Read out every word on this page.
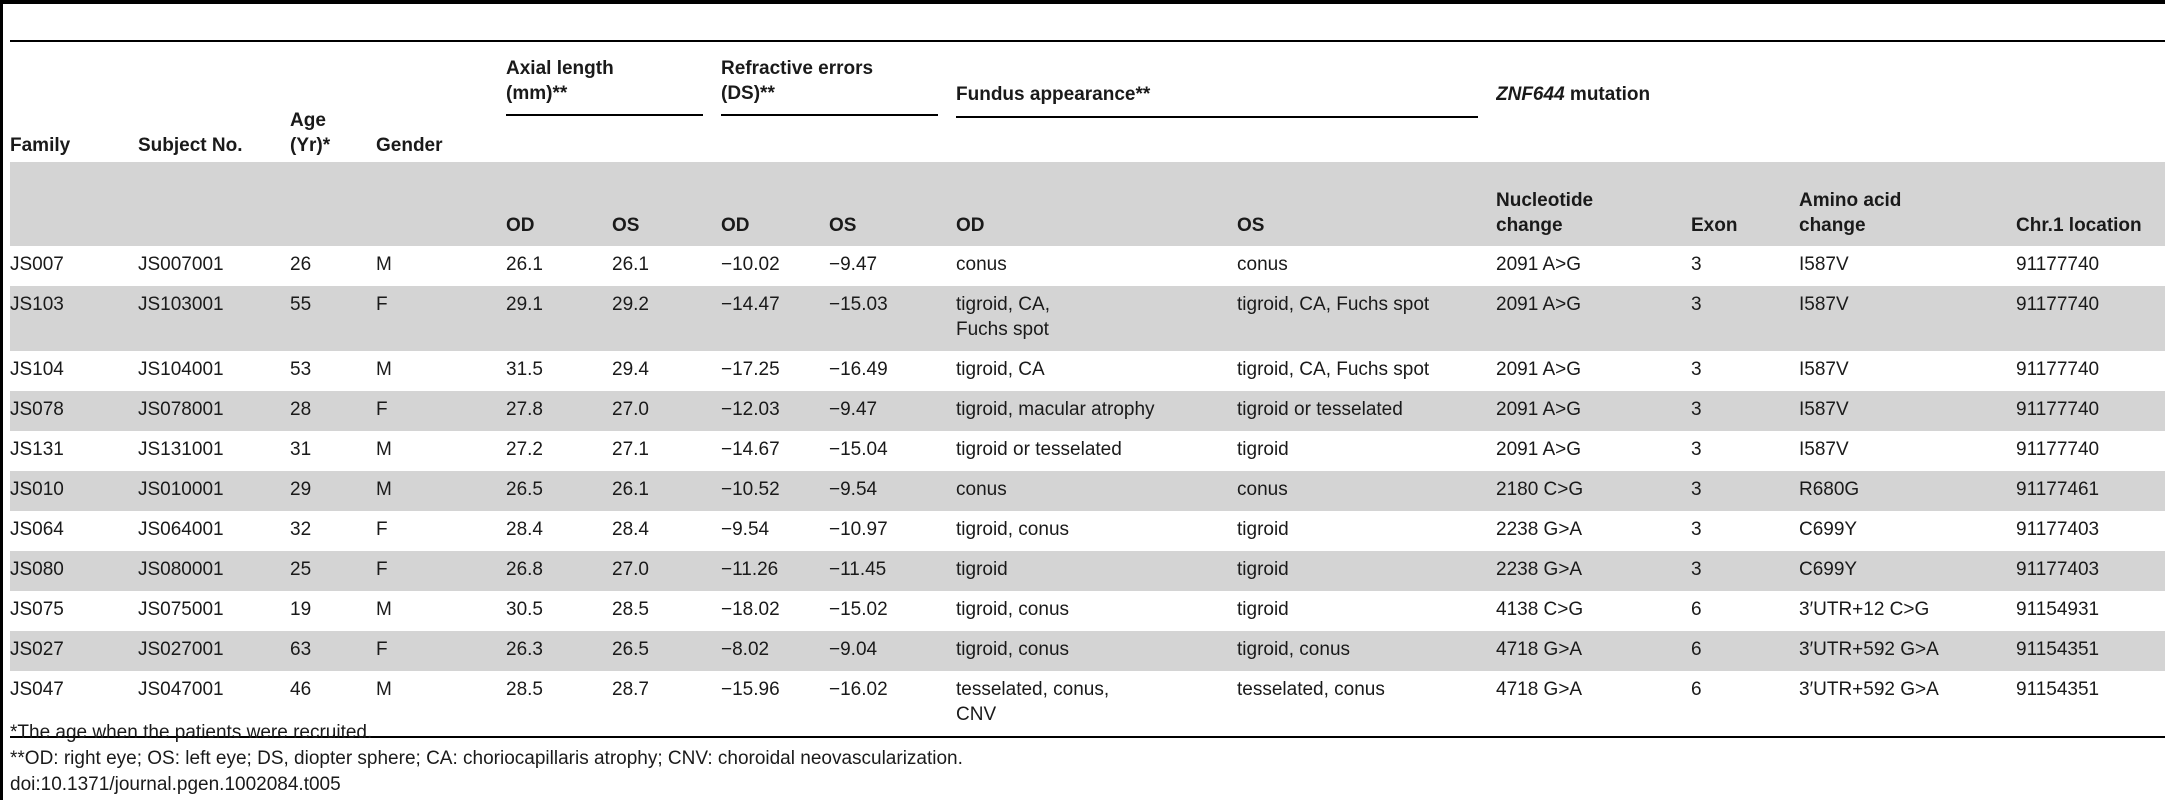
Family	Subject No.	Age (Yr)*	Gender	Axial length (mm)**		Refractive errors (DS)**		Fundus appearance**		ZNF644 mutation			

				OD	OS	OD	OS	OD	OS	Nucleotide change	Exon	Amino acid change	Chr.1 location
JS007	JS007001	26	M	26.1	26.1	−10.02	−9.47	conus	conus	2091 A>G	3	I587V	91177740
JS103	JS103001	55	F	29.1	29.2	−14.47	−15.03	tigroid, CA, Fuchs spot	tigroid, CA, Fuchs spot	2091 A>G	3	I587V	91177740
JS104	JS104001	53	M	31.5	29.4	−17.25	−16.49	tigroid, CA	tigroid, CA, Fuchs spot	2091 A>G	3	I587V	91177740
JS078	JS078001	28	F	27.8	27.0	−12.03	−9.47	tigroid, macular atrophy	tigroid or tesselated	2091 A>G	3	I587V	91177740
JS131	JS131001	31	M	27.2	27.1	−14.67	−15.04	tigroid or tesselated	tigroid	2091 A>G	3	I587V	91177740
JS010	JS010001	29	M	26.5	26.1	−10.52	−9.54	conus	conus	2180 C>G	3	R680G	91177461
JS064	JS064001	32	F	28.4	28.4	−9.54	−10.97	tigroid, conus	tigroid	2238 G>A	3	C699Y	91177403
JS080	JS080001	25	F	26.8	27.0	−11.26	−11.45	tigroid	tigroid	2238 G>A	3	C699Y	91177403
JS075	JS075001	19	M	30.5	28.5	−18.02	−15.02	tigroid, conus	tigroid	4138 C>G	6	3′UTR+12 C>G	91154931
JS027	JS027001	63	F	26.3	26.5	−8.02	−9.04	tigroid, conus	tigroid, conus	4718 G>A	6	3′UTR+592 G>A	91154351
JS047	JS047001	46	M	28.5	28.7	−15.96	−16.02	tesselated, conus, CNV	tesselated, conus	4718 G>A	6	3′UTR+592 G>A	91154351
*The age when the patients were recruited.
**OD: right eye; OS: left eye; DS, diopter sphere; CA: choriocapillaris atrophy; CNV: choroidal neovascularization.
doi:10.1371/journal.pgen.1002084.t005
